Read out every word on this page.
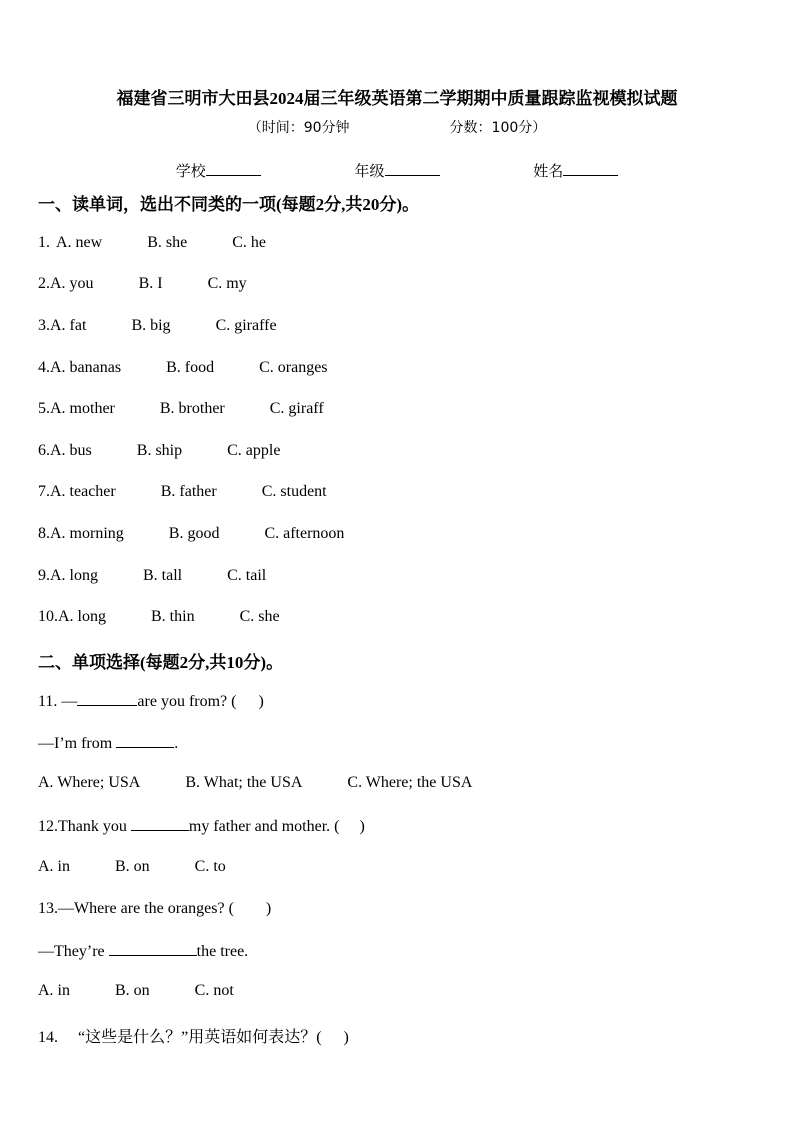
福建省三明市大田县2024届三年级英语第二学期期中质量跟踪监视模拟试题
（时间：90分钟	分数：100分）
学校	年级	姓名
一、读单词，选出不同类的一项(每题2分,共20分)。
1. A. new	B. she	C. he
2.A. you	B. I	C. my
3.A. fat	B. big	C. giraffe
4.A. bananas	B. food	C. oranges
5.A. mother	B. brother	C. giraff
6.A. bus	B. ship	C. apple
7.A. teacher	B. father	C. student
8.A. morning	B. good	C. afternoon
9.A. long	B. tall	C. tail
10.A. long	B. thin	C. she
二、单项选择(每题2分,共10分)。
11. —	are you from? ( )
—I’m from	.
A. Where; USA	B. What; the USA	C. Where; the USA
12.Thank you	my father and mother. ( )
A. in	B. on	C. to
13.—Where are the oranges? ( )
—They’re	the tree.
A. in	B. on	C. not
14. “这些是什么？”用英语如何表达？( )
